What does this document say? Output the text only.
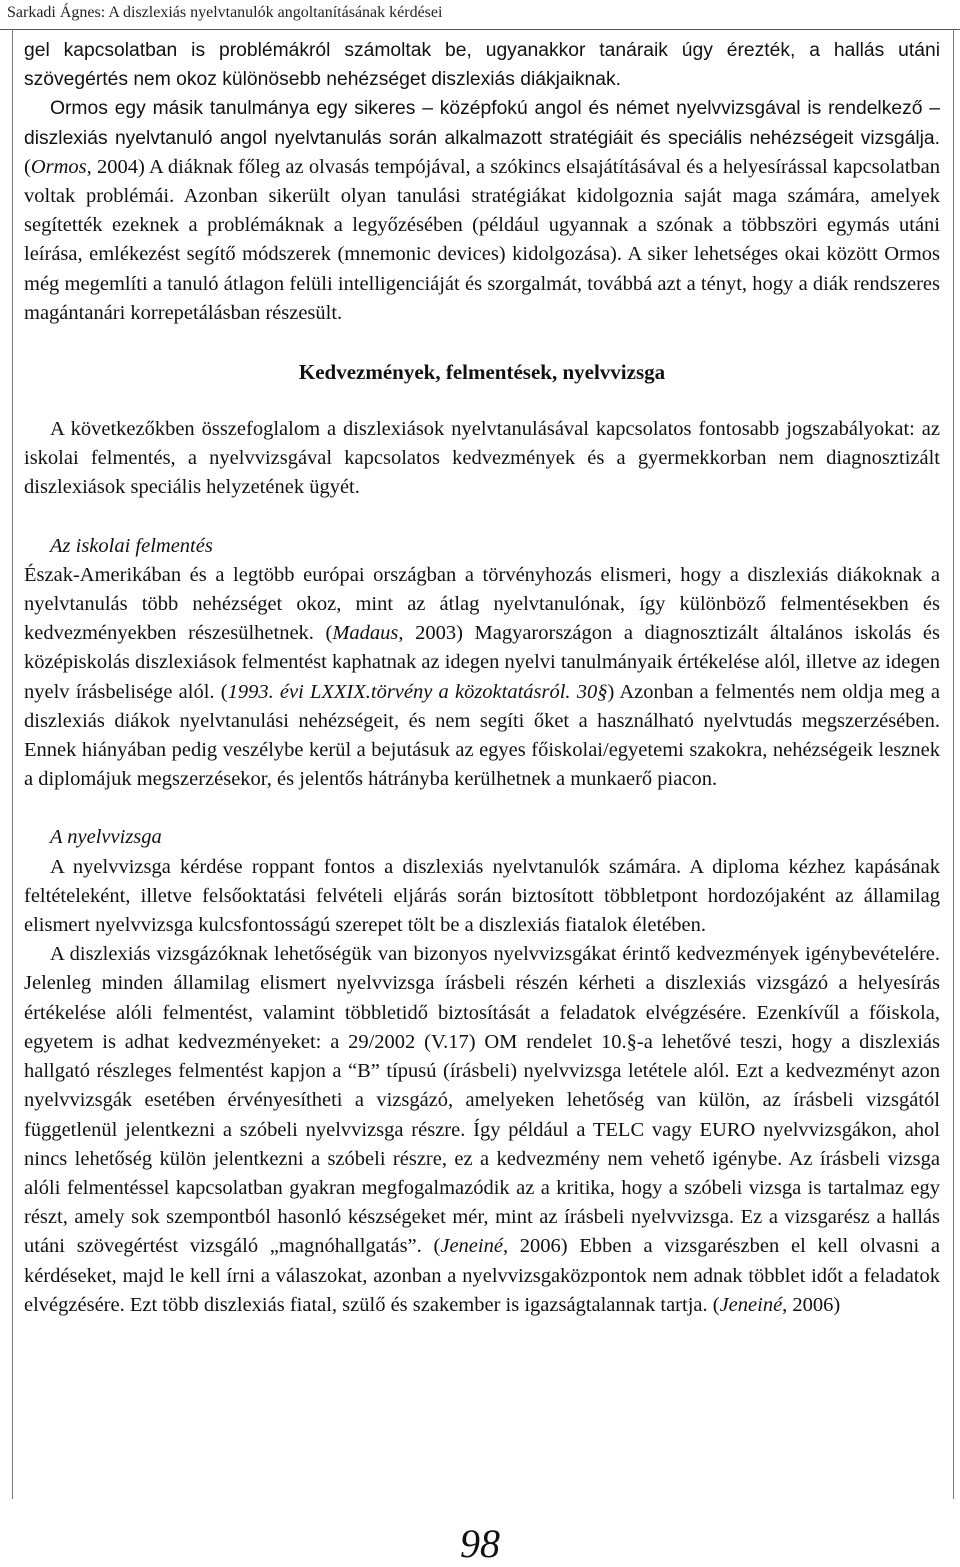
Sarkadi Ágnes: A diszlexiás nyelvtanulók angoltanításának kérdései

gel kapcsolatban is problémákról számoltak be, ugyanakkor tanáraik úgy érezték, a hallás utáni szövegértés nem okoz különösebb nehézséget diszlexiás diákjaiknak.

Ormos egy másik tanulmánya egy sikeres – középfokú angol és német nyelvvizsgával is rendelkező – diszlexiás nyelvtanuló angol nyelvtanulás során alkalmazott stratégiáit és speciális nehézségeit vizsgálja. (Ormos, 2004) A diáknak főleg az olvasás tempójával, a szókincs elsajátításával és a helyesírással kapcsolatban voltak problémái. Azonban sikerült olyan tanulási stratégiákat kidolgoznia saját maga számára, amelyek segítették ezeknek a problémáknak a legyőzésében (például ugyannak a szónak a többszöri egymás utáni leírása, emlékezést segítő módszerek (mnemonic devices) kidolgozása). A siker lehetséges okai között Ormos még megemlíti a tanuló átlagon felüli intelligenciáját és szorgalmát, továbbá azt a tényt, hogy a diák rendszeres magántanári korrepetálásban részesült.

Kedvezmények, felmentések, nyelvvizsga

A következőkben összefoglalom a diszlexiások nyelvtanulásával kapcsolatos fontosabb jogszabályokat: az iskolai felmentés, a nyelvvizsgával kapcsolatos kedvezmények és a gyermekkorban nem diagnosztizált diszlexiások speciális helyzetének ügyét.

Az iskolai felmentés

Észak-Amerikában és a legtöbb európai országban a törvényhozás elismeri, hogy a diszlexiás diákoknak a nyelvtanulás több nehézséget okoz, mint az átlag nyelvtanulónak, így különböző felmentésekben és kedvezményekben részesülhetnek. (Madaus, 2003) Magyarországon a diagnosztizált általános iskolás és középiskolás diszlexiások felmentést kaphatnak az idegen nyelvi tanulmányaik értékelése alól, illetve az idegen nyelv írásbelisége alól. (1993. évi LXXIX.törvény a közoktatásról. 30§) Azonban a felmentés nem oldja meg a diszlexiás diákok nyelvtanulási nehézségeit, és nem segíti őket a használható nyelvtudás megszerzésében. Ennek hiányában pedig veszélybe kerül a bejutásuk az egyes főiskolai/egyetemi szakokra, nehézségeik lesznek a diplomájuk megszerzésekor, és jelentős hátrányba kerülhetnek a munkaerő piacon.

A nyelvvizsga

A nyelvvizsga kérdése roppant fontos a diszlexiás nyelvtanulók számára. A diploma kézhez kapásának feltételeként, illetve felsőoktatási felvételi eljárás során biztosított többletpont hordozójaként az államilag elismert nyelvvizsga kulcsfontosságú szerepet tölt be a diszlexiás fiatalok életében.

A diszlexiás vizsgázóknak lehetőségük van bizonyos nyelvvizsgákat érintő kedvezmények igénybevételére. Jelenleg minden államilag elismert nyelvvizsga írásbeli részén kérheti a diszlexiás vizsgázó a helyesírás értékelése alóli felmentést, valamint többletidő biztosítását a feladatok elvégzésére. Ezenkívűl a főiskola, egyetem is adhat kedvezményeket: a 29/2002 (V.17) OM rendelet 10.§-a lehetővé teszi, hogy a diszlexiás hallgató részleges felmentést kapjon a “B” típusú (írásbeli) nyelvvizsga letétele alól. Ezt a kedvezményt azon nyelvvizsgák esetében érvényesítheti a vizsgázó, amelyeken lehetőség van külön, az írásbeli vizsgától függetlenül jelentkezni a szóbeli nyelvvizsga részre. Így például a TELC vagy EURO nyelvvizsgákon, ahol nincs lehetőség külön jelentkezni a szóbeli részre, ez a kedvezmény nem vehető igénybe. Az írásbeli vizsga alóli felmentéssel kapcsolatban gyakran megfogalmazódik az a kritika, hogy a szóbeli vizsga is tartalmaz egy részt, amely sok szempontból hasonló készségeket mér, mint az írásbeli nyelvvizsga. Ez a vizsgarész a hallás utáni szövegértést vizsgáló „magnóhallgatás”. (Jeneiné, 2006) Ebben a vizsgarészben el kell olvasni a kérdéseket, majd le kell írni a válaszokat, azonban a nyelvvizsgaközpontok nem adnak többlet időt a feladatok elvégzésére. Ezt több diszlexiás fiatal, szülő és szakember is igazságtalannak tartja. (Jeneiné, 2006)

98
